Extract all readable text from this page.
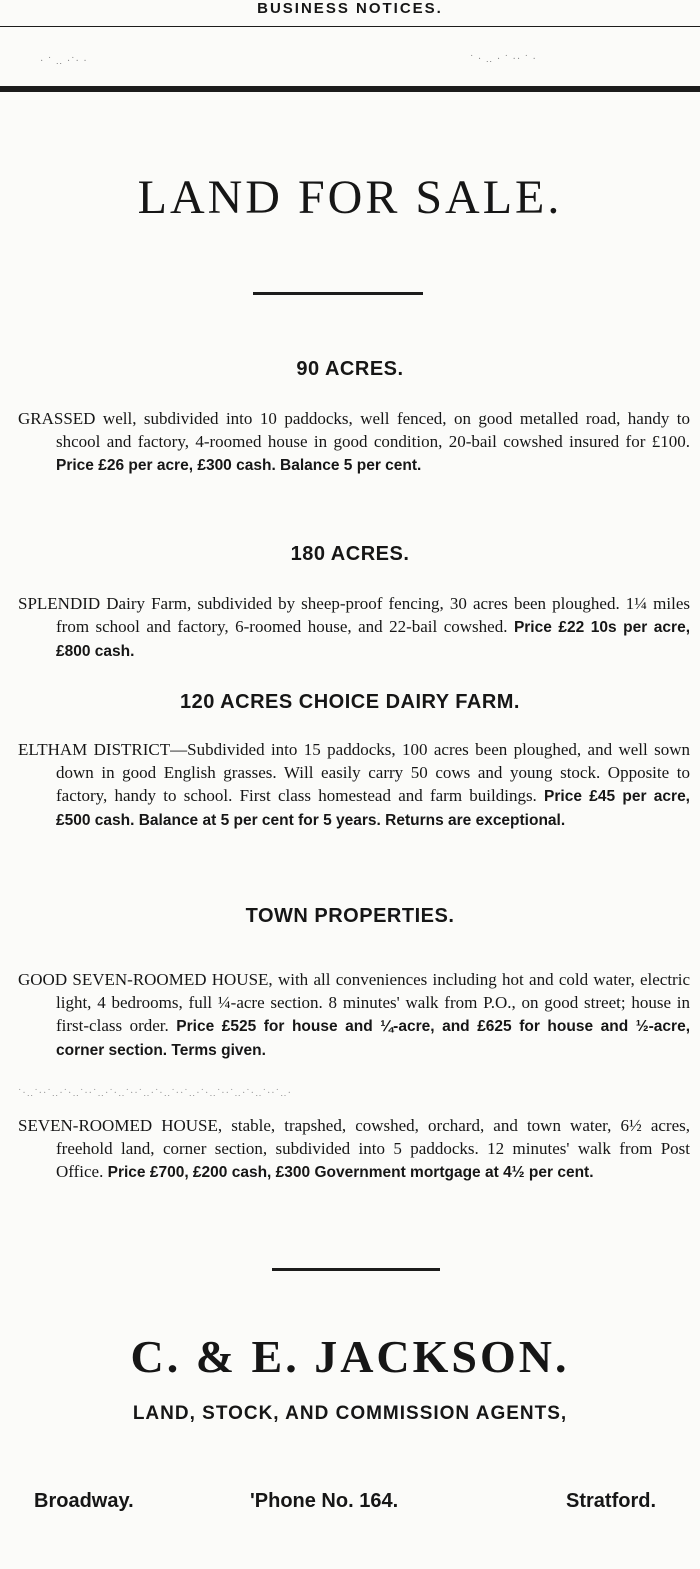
BUSINESS NOTICES.
· ˙ ‥ ·˙· ·	˙ · ‥ · ˙ ·· ˙ ·
LAND FOR SALE.
90 ACRES.
GRASSED well, subdivided into 10 paddocks, well fenced, on good metalled road, handy to shcool and factory, 4-roomed house in good condition, 20-bail cowshed insured for £100. Price £26 per acre, £300 cash. Balance 5 per cent.
180 ACRES.
SPLENDID Dairy Farm, subdivided by sheep-proof fencing, 30 acres been ploughed. 1¼ miles from school and factory, 6-roomed house, and 22-bail cowshed. Price £22 10s per acre, £800 cash.
120 ACRES CHOICE DAIRY FARM.
ELTHAM DISTRICT—Subdivided into 15 paddocks, 100 acres been ploughed, and well sown down in good English grasses. Will easily carry 50 cows and young stock. Opposite to factory, handy to school. First class homestead and farm buildings. Price £45 per acre, £500 cash. Balance at 5 per cent for 5 years. Returns are exceptional.
TOWN PROPERTIES.
GOOD SEVEN-ROOMED HOUSE, with all conveniences including hot and cold water, electric light, 4 bedrooms, full ¼-acre section. 8 minutes' walk from P.O., on good street; house in first-class order. Price £525 for house and ¼-acre, and £625 for house and ½-acre, corner section. Terms given.
˙·‥˙··˙‥·˙·‥˙··˙‥·˙·‥˙··˙‥·˙·‥˙··˙‥·˙·‥˙··˙‥·˙·‥˙··˙‥·
SEVEN-ROOMED HOUSE, stable, trapshed, cowshed, orchard, and town water, 6½ acres, freehold land, corner section, subdivided into 5 paddocks. 12 minutes' walk from Post Office. Price £700, £200 cash, £300 Government mortgage at 4½ per cent.
C. & E. JACKSON.
LAND, STOCK, AND COMMISSION AGENTS,
Broadway.	'Phone No. 164.	Stratford.
